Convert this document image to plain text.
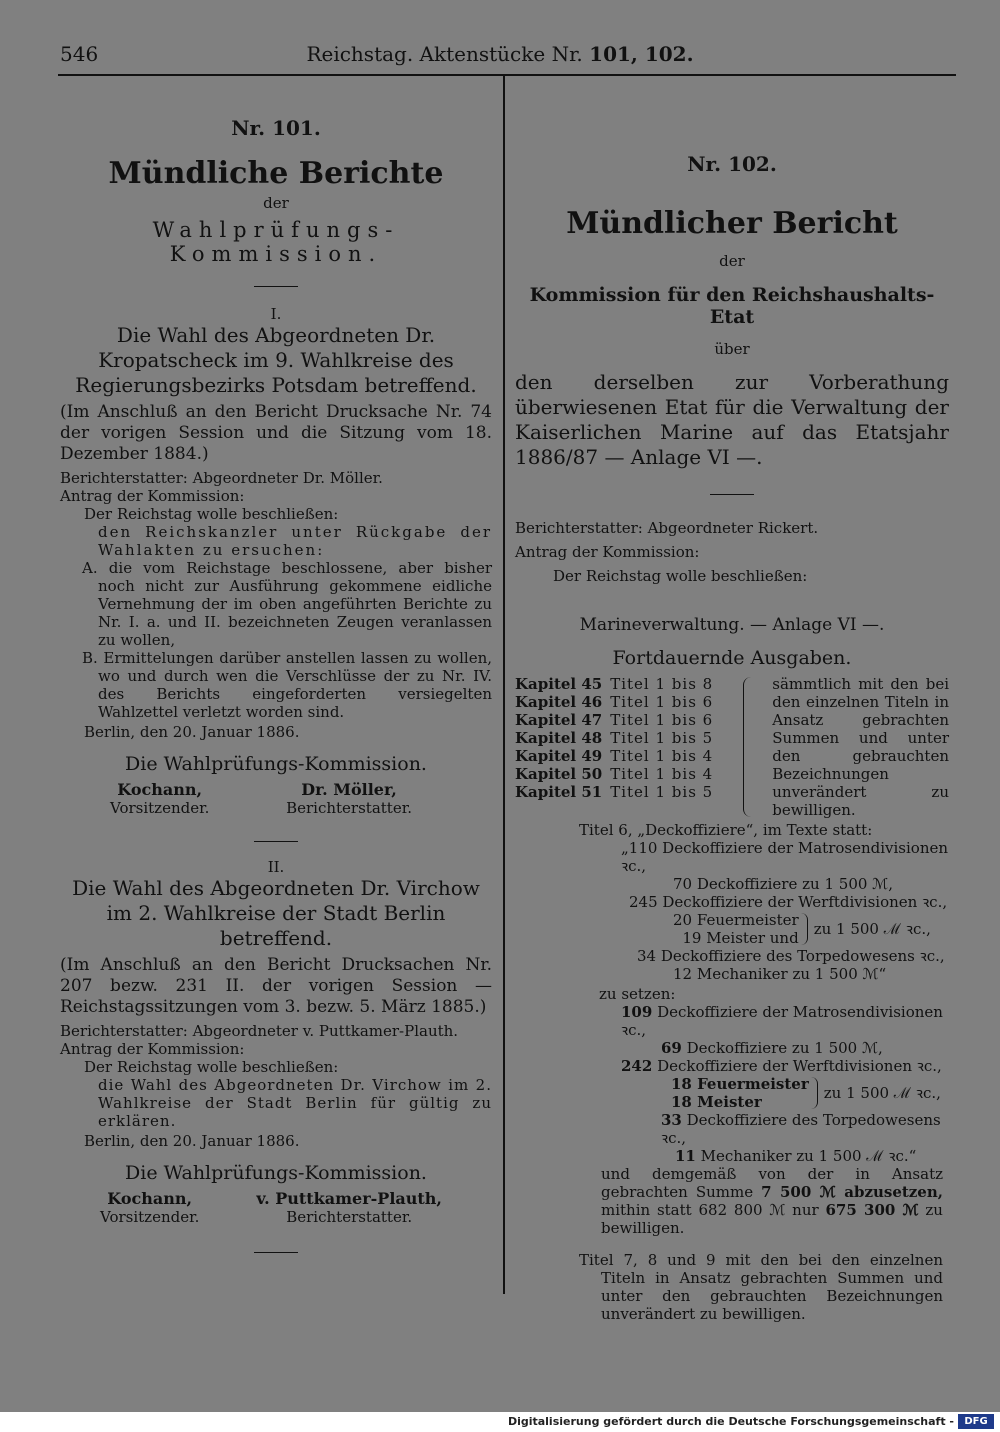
546	Reichstag. Aktenstücke Nr. 101, 102.

Nr. 101.

Mündliche Berichte

der

Wahlprüfungs-Kommission.

I.

Die Wahl des Abgeordneten Dr. Kropatscheck im 9. Wahlkreise des Regierungsbezirks Potsdam betreffend.

(Im Anschluß an den Bericht Drucksache Nr. 74 der vorigen Session und die Sitzung vom 18. Dezember 1884.)

Berichterstatter: Abgeordneter Dr. Möller.

Antrag der Kommission:

Der Reichstag wolle beschließen:

den Reichskanzler unter Rückgabe der Wahlakten zu ersuchen:

A. die vom Reichstage beschlossene, aber bisher noch nicht zur Ausführung gekommene eidliche Vernehmung der im oben angeführten Berichte zu Nr. I. a. und II. bezeichneten Zeugen veranlassen zu wollen,

B. Ermittelungen darüber anstellen lassen zu wollen, wo und durch wen die Verschlüsse der zu Nr. IV. des Berichts eingeforderten versiegelten Wahlzettel verletzt worden sind.

Berlin, den 20. Januar 1886.

Die Wahlprüfungs-Kommission.

Kochann,
Vorsitzender.
Dr. Möller,
Berichterstatter.

II.

Die Wahl des Abgeordneten Dr. Virchow im 2. Wahlkreise der Stadt Berlin betreffend.

(Im Anschluß an den Bericht Drucksachen Nr. 207 bezw. 231 II. der vorigen Session — Reichstagssitzungen vom 3. bezw. 5. März 1885.)

Berichterstatter: Abgeordneter v. Puttkamer-Plauth.

Antrag der Kommission:

Der Reichstag wolle beschließen:

die Wahl des Abgeordneten Dr. Virchow im 2. Wahlkreise der Stadt Berlin für gültig zu erklären.

Berlin, den 20. Januar 1886.

Die Wahlprüfungs-Kommission.

Kochann,
Vorsitzender.
v. Puttkamer-Plauth,
Berichterstatter.

Nr. 102.

Mündlicher Bericht

der

Kommission für den Reichshaushalts-Etat

über

den derselben zur Vorberathung überwiesenen Etat für die Verwaltung der Kaiserlichen Marine auf das Etatsjahr 1886/87 — Anlage VI —.

Berichterstatter: Abgeordneter Rickert.

Antrag der Kommission:

Der Reichstag wolle beschließen:

Marineverwaltung. — Anlage VI —.

Fortdauernde Ausgaben.

Kapitel 45 Titel 1 bis 8
Kapitel 46 Titel 1 bis 6
Kapitel 47 Titel 1 bis 6
Kapitel 48 Titel 1 bis 5
Kapitel 49 Titel 1 bis 4
Kapitel 50 Titel 1 bis 4
Kapitel 51 Titel 1 bis 5
sämmtlich mit den bei den einzelnen Titeln in Ansatz gebrachten Summen und unter den gebrauchten Bezeichnungen unverändert zu bewilligen.

Titel 6, „Deckoffiziere“, im Texte statt:

„110 Deckoffiziere der Matrosendivisionen ꝛc.,

70 Deckoffiziere zu 1 500 ℳ,

245 Deckoffiziere der Werftdivisionen ꝛc.,

20 Feuermeister
19 Meister und zu 1 500 ℳ ꝛc.,

34 Deckoffiziere des Torpedowesens ꝛc.,

12 Mechaniker zu 1 500 ℳ“

zu setzen:

109 Deckoffiziere der Matrosendivisionen ꝛc.,

69 Deckoffiziere zu 1 500 ℳ,

242 Deckoffiziere der Werftdivisionen ꝛc.,

18 Feuermeister
18 Meister	zu 1 500 ℳ ꝛc.,

33 Deckoffiziere des Torpedowesens ꝛc.,

11 Mechaniker zu 1 500 ℳ ꝛc.“

und demgemäß von der in Ansatz gebrachten Summe 7 500 ℳ abzusetzen, mithin statt 682 800 ℳ nur 675 300 ℳ zu bewilligen.

Titel 7, 8 und 9 mit den bei den einzelnen Titeln in Ansatz gebrachten Summen und unter den gebrauchten Bezeichnungen unverändert zu bewilligen.

Digitalisierung gefördert durch die Deutsche Forschungsgemeinschaft -	DFG
